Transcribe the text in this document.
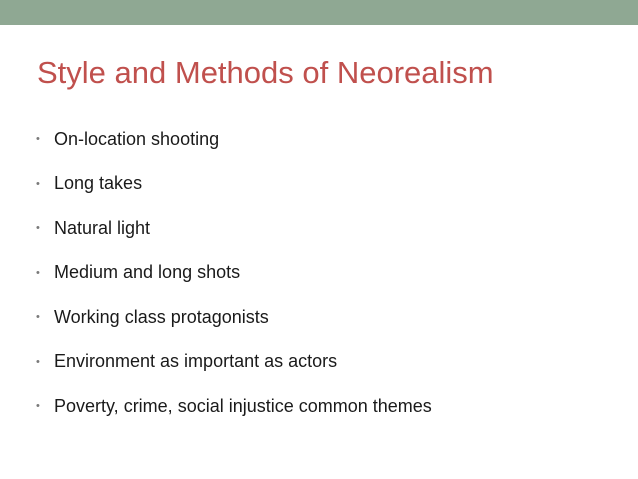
Style and Methods of Neorealism
• On-location shooting
• Long takes
• Natural light
• Medium and long shots
• Working class protagonists
• Environment as important as actors
• Poverty, crime, social injustice common themes
